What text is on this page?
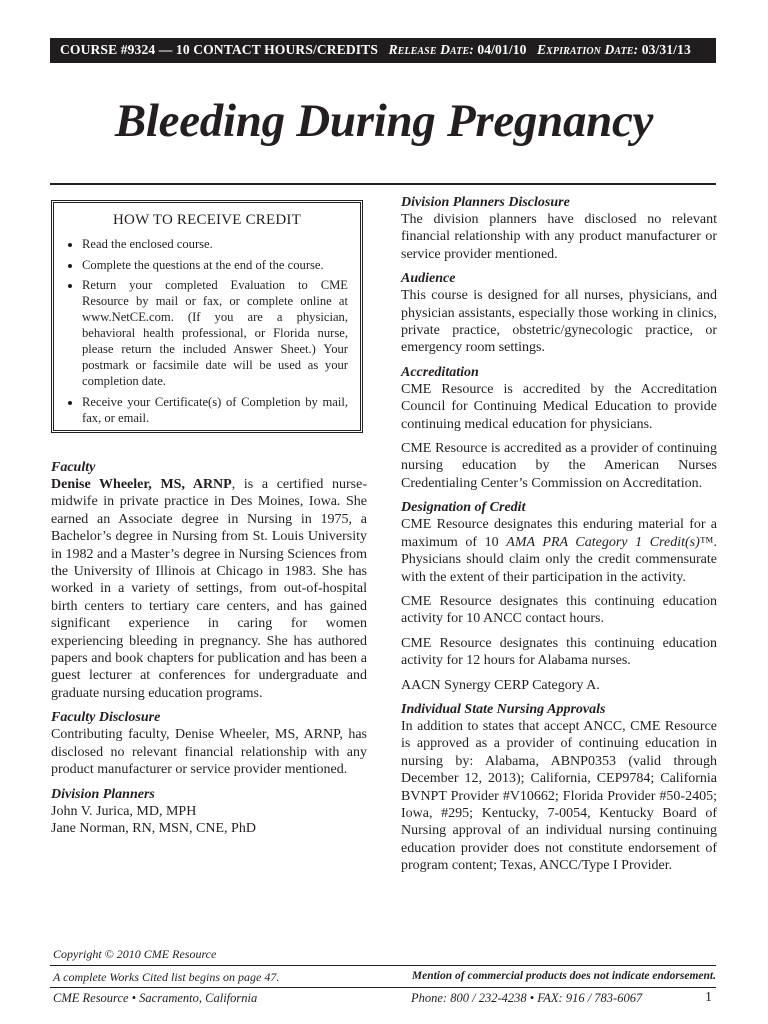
COURSE #9324 — 10 CONTACT HOURS/CREDITS Release Date: 04/01/10 Expiration Date: 03/31/13
Bleeding During Pregnancy
HOW TO RECEIVE CREDIT
• Read the enclosed course.
• Complete the questions at the end of the course.
• Return your completed Evaluation to CME Resource by mail or fax, or complete online at www.NetCE.com. (If you are a physician, behavioral health professional, or Florida nurse, please return the included Answer Sheet.) Your postmark or facsimile date will be used as your completion date.
• Receive your Certificate(s) of Completion by mail, fax, or email.
Faculty

Denise Wheeler, MS, ARNP, is a certified nurse-midwife in private practice in Des Moines, Iowa. She earned an Associate degree in Nursing in 1975, a Bachelor’s degree in Nursing from St. Louis University in 1982 and a Master’s degree in Nursing Sciences from the University of Illinois at Chicago in 1983. She has worked in a variety of settings, from out-of-hospital birth centers to tertiary care centers, and has gained significant experience in caring for women experiencing bleeding in pregnancy. She has authored papers and book chapters for publication and has been a guest lecturer at conferences for undergraduate and graduate nursing education programs.

Faculty Disclosure

Contributing faculty, Denise Wheeler, MS, ARNP, has disclosed no relevant financial relationship with any product manufacturer or service provider mentioned.

Division Planners

John V. Jurica, MD, MPH
Jane Norman, RN, MSN, CNE, PhD

Division Planners Disclosure

The division planners have disclosed no relevant financial relationship with any product manufacturer or service provider mentioned.

Audience

This course is designed for all nurses, physicians, and physician assistants, especially those working in clinics, private practice, obstetric/gynecologic practice, or emergency room settings.

Accreditation

CME Resource is accredited by the Accreditation Council for Continuing Medical Education to provide continuing medical education for physicians.

CME Resource is accredited as a provider of continuing nursing education by the American Nurses Credentialing Center’s Commission on Accreditation.

Designation of Credit

CME Resource designates this enduring material for a maximum of 10 AMA PRA Category 1 Credit(s)™. Physicians should claim only the credit commensurate with the extent of their participation in the activity.

CME Resource designates this continuing education activity for 10 ANCC contact hours.

CME Resource designates this continuing education activity for 12 hours for Alabama nurses.

AACN Synergy CERP Category A.

Individual State Nursing Approvals

In addition to states that accept ANCC, CME Resource is approved as a provider of continuing education in nursing by: Alabama, ABNP0353 (valid through December 12, 2013); California, CEP9784; California BVNPT Provider #V10662; Florida Provider #50-2405; Iowa, #295; Kentucky, 7-0054, Kentucky Board of Nursing approval of an individual nursing continuing education provider does not constitute endorsement of program content; Texas, ANCC/Type I Provider.

Copyright © 2010 CME Resource
A complete Works Cited list begins on page 47.	Mention of commercial products does not indicate endorsement.
CME Resource • Sacramento, California	Phone: 800 / 232-4238 • FAX: 916 / 783-6067	1
